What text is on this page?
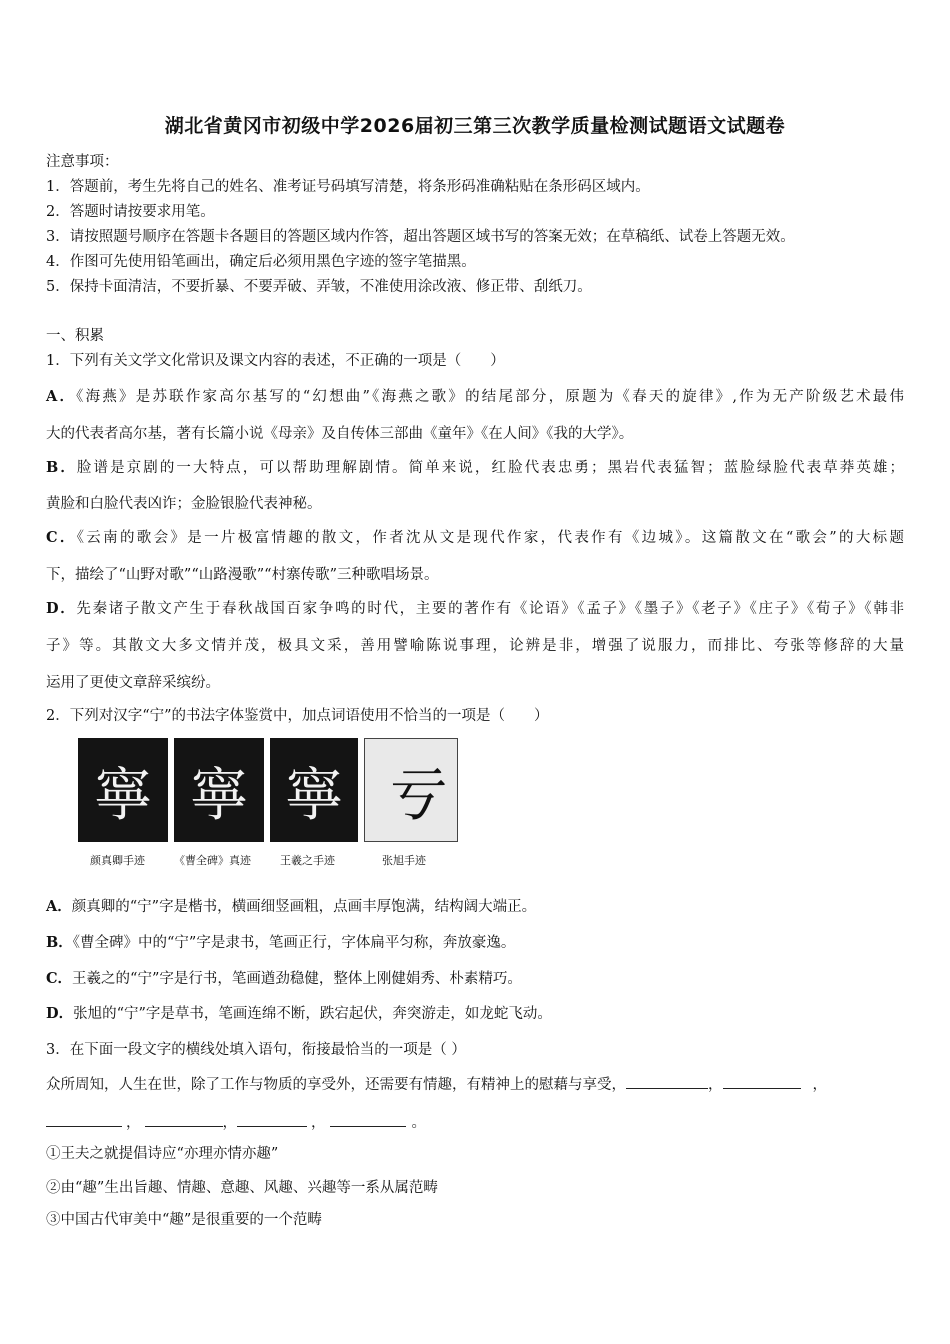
湖北省黄冈市初级中学2026届初三第三次教学质量检测试题语文试题卷
注意事项：
1．答题前，考生先将自己的姓名、准考证号码填写清楚，将条形码准确粘贴在条形码区域内。
2．答题时请按要求用笔。
3．请按照题号顺序在答题卡各题目的答题区域内作答，超出答题区域书写的答案无效；在草稿纸、试卷上答题无效。
4．作图可先使用铅笔画出，确定后必须用黑色字迹的签字笔描黑。
5．保持卡面清洁，不要折暴、不要弄破、弄皱，不准使用涂改液、修正带、刮纸刀。
一、积累
1．下列有关文学文化常识及课文内容的表述，不正确的一项是（　　）
A．《海燕》是苏联作家高尔基写的“幻想曲”《海燕之歌》的结尾部分，原题为《春天的旋律》,作为无产阶级艺术最伟
大的代表者高尔基，著有长篇小说《母亲》及自传体三部曲《童年》《在人间》《我的大学》。
B．脸谱是京剧的一大特点，可以帮助理解剧情。简单来说，红脸代表忠勇；黑岩代表猛智；蓝脸绿脸代表草莽英雄；
黄脸和白脸代表凶诈；金脸银脸代表神秘。
C．《云南的歌会》是一片极富情趣的散文，作者沈从文是现代作家，代表作有《边城》。这篇散文在“歌会”的大标题
下，描绘了“山野对歌”“山路漫歌”“村寨传歌”三种歌唱场景。
D．先秦诸子散文产生于春秋战国百家争鸣的时代，主要的著作有《论语》《孟子》《墨子》《老子》《庄子》《荀子》《韩非
子》等。其散文大多文情并茂，极具文采，善用譬喻陈说事理，论辨是非，增强了说服力，而排比、夸张等修辞的大量
运用了更使文章辞采缤纷。
2．下列对汉字“宁”的书法字体鉴赏中，加点词语使用不恰当的一项是（　　）
寧 寧 寧 亏
颜真卿手迹	《曹全碑》真迹	王羲之手迹	张旭手迹
A．颜真卿的“宁”字是楷书，横画细竖画粗，点画丰厚饱满，结构阔大端正。
B．《曹全碑》中的“宁”字是隶书，笔画正行，字体扁平匀称，奔放豪逸。
C．王羲之的“宁”字是行书，笔画遒劲稳健，整体上刚健娟秀、朴素精巧。
D．张旭的“宁”字是草书，笔画连绵不断，跌宕起伏，奔突游走，如龙蛇飞动。
3．在下面一段文字的横线处填入语句，衔接最恰当的一项是（ ）
众所周知，人生在世，除了工作与物质的享受外，还需要有情趣，有精神上的慰藉与享受，	，	，
，	，	，	。
①王夫之就提倡诗应“亦理亦情亦趣”
②由“趣”生出旨趣、情趣、意趣、风趣、兴趣等一系从属范畴
③中国古代审美中“趣”是很重要的一个范畴
